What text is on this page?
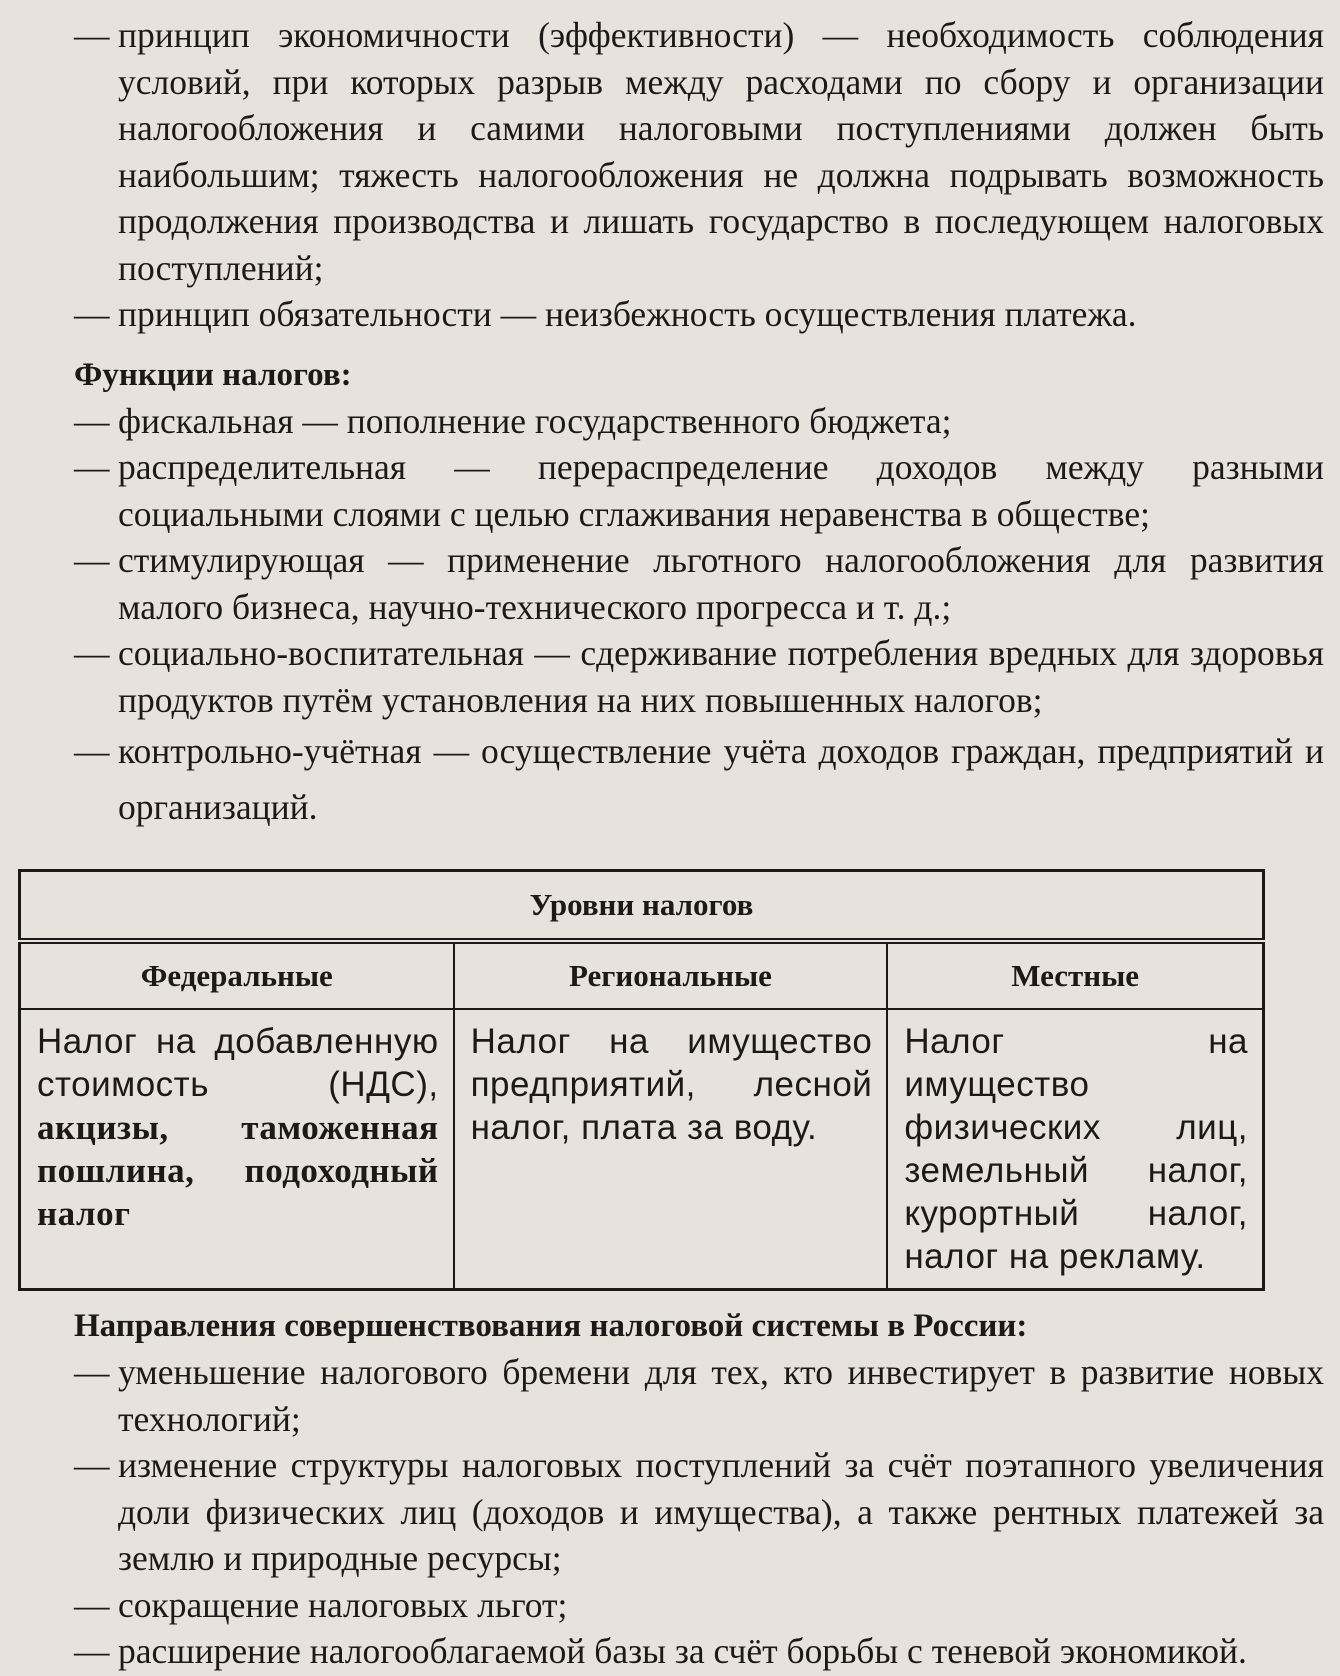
— принцип экономичности (эффективности) — необходимость соблюдения условий, при которых разрыв между расходами по сбору и организации налогообложения и самими налоговыми поступлениями должен быть наибольшим; тяжесть налогообложения не должна подрывать возможность продолжения производства и лишать государство в последующем налоговых поступлений;
— принцип обязательности — неизбежность осуществления платежа.

Функции налогов:

— фискальная — пополнение государственного бюджета;
— распределительная — перераспределение доходов между разными социальными слоями с целью сглаживания неравенства в обществе;
— стимулирующая — применение льготного налогообложения для развития малого бизнеса, научно-технического прогресса и т. д.;
— социально-воспитательная — сдерживание потребления вредных для здоровья продуктов путём установления на них повышенных налогов;
— контрольно-учётная — осуществление учёта доходов граждан, предприятий и организаций.
Уровни налогов		
Федеральные	Региональные	Местные
Налог на добавленную стоимость (НДС), акцизы, таможенная пошлина, подоходный налог	Налог на имущество предприятий, лесной налог, плата за воду.	Налог на имущество физических лиц, земельный налог, курортный налог, налог на рекламу.

Направления совершенствования налоговой системы в России:

— уменьшение налогового бремени для тех, кто инвестирует в развитие новых технологий;
— изменение структуры налоговых поступлений за счёт поэтапного увеличения доли физических лиц (доходов и имущества), а также рентных платежей за землю и природные ресурсы;
— сокращение налоговых льгот;
— расширение налогооблагаемой базы за счёт борьбы с теневой экономикой.
